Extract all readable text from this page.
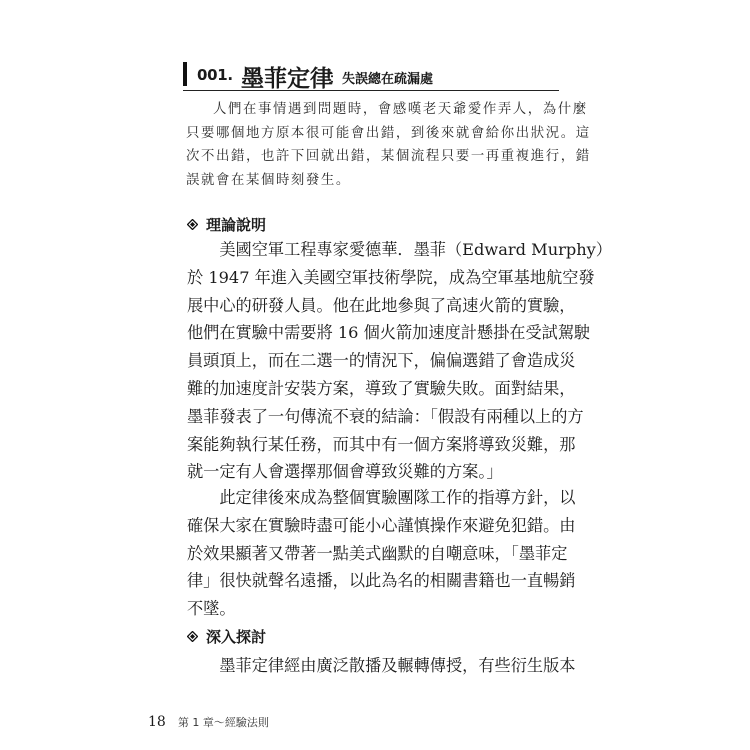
001. 墨菲定律
：失誤總在疏漏處
人們在事情遇到問題時，會感嘆老天爺愛作弄人，為什麼
只要哪個地方原本很可能會出錯，到後來就會給你出狀況。這
次不出錯，也許下回就出錯，某個流程只要一再重複進行，錯
誤就會在某個時刻發生。
理論說明
　　美國空軍工程專家愛德華．墨菲（Edward Murphy）
於 1947 年進入美國空軍技術學院，成為空軍基地航空發
展中心的研發人員。他在此地參與了高速火箭的實驗，
他們在實驗中需要將 16 個火箭加速度計懸掛在受試駕駛
員頭頂上，而在二選一的情況下，偏偏選錯了會造成災
難的加速度計安裝方案，導致了實驗失敗。面對結果，
墨菲發表了一句傳流不衰的結論：「假設有兩種以上的方
案能夠執行某任務，而其中有一個方案將導致災難，那
就一定有人會選擇那個會導致災難的方案。」
　　此定律後來成為整個實驗團隊工作的指導方針，以
確保大家在實驗時盡可能小心謹慎操作來避免犯錯。由
於效果顯著又帶著一點美式幽默的自嘲意味，「墨菲定
律」很快就聲名遠播，以此為名的相關書籍也一直暢銷
不墜。
深入探討
　　墨菲定律經由廣泛散播及輾轉傳授，有些衍生版本
18 第 1 章～經驗法則
